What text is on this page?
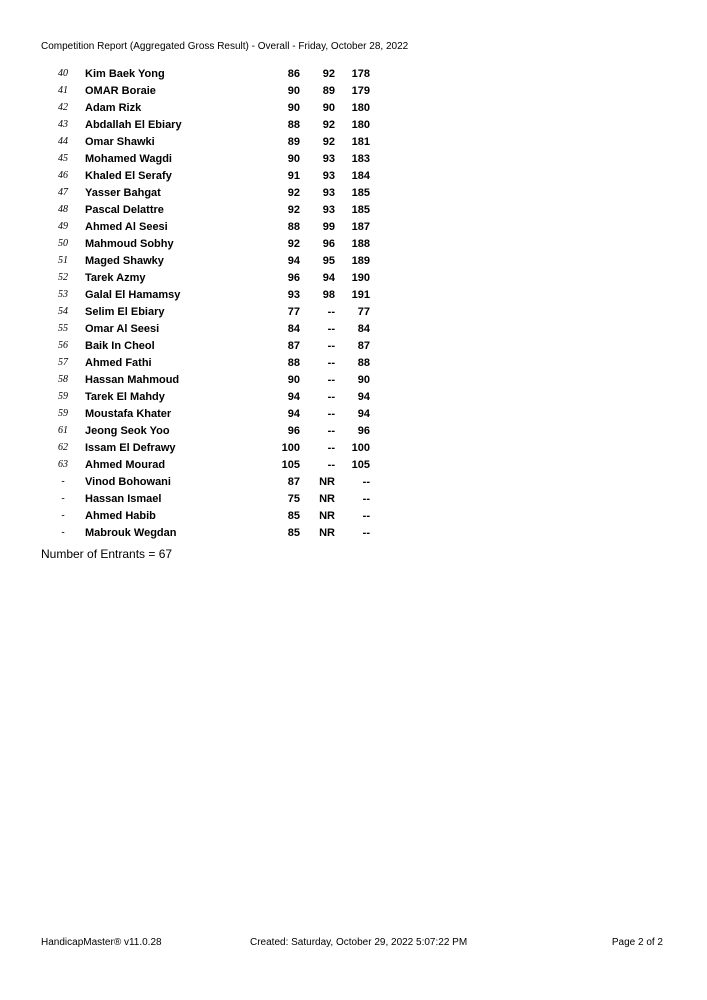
Competition Report (Aggregated Gross Result) - Overall - Friday, October 28, 2022
40	Kim Baek Yong	86	92	178
41	OMAR Boraie	90	89	179
42	Adam Rizk	90	90	180
43	Abdallah El Ebiary	88	92	180
44	Omar Shawki	89	92	181
45	Mohamed Wagdi	90	93	183
46	Khaled El Serafy	91	93	184
47	Yasser Bahgat	92	93	185
48	Pascal Delattre	92	93	185
49	Ahmed Al Seesi	88	99	187
50	Mahmoud Sobhy	92	96	188
51	Maged Shawky	94	95	189
52	Tarek Azmy	96	94	190
53	Galal El Hamamsy	93	98	191
54	Selim El Ebiary	77	--	77
55	Omar Al Seesi	84	--	84
56	Baik In Cheol	87	--	87
57	Ahmed Fathi	88	--	88
58	Hassan Mahmoud	90	--	90
59	Tarek El Mahdy	94	--	94
59	Moustafa Khater	94	--	94
61	Jeong Seok Yoo	96	--	96
62	Issam El Defrawy	100	--	100
63	Ahmed Mourad	105	--	105
-	Vinod Bohowani	87	NR	--
-	Hassan Ismael	75	NR	--
-	Ahmed Habib	85	NR	--
-	Mabrouk Wegdan	85	NR	--
Number of Entrants = 67
HandicapMaster® v11.0.28	Created: Saturday, October 29, 2022 5:07:22 PM	Page 2 of 2
